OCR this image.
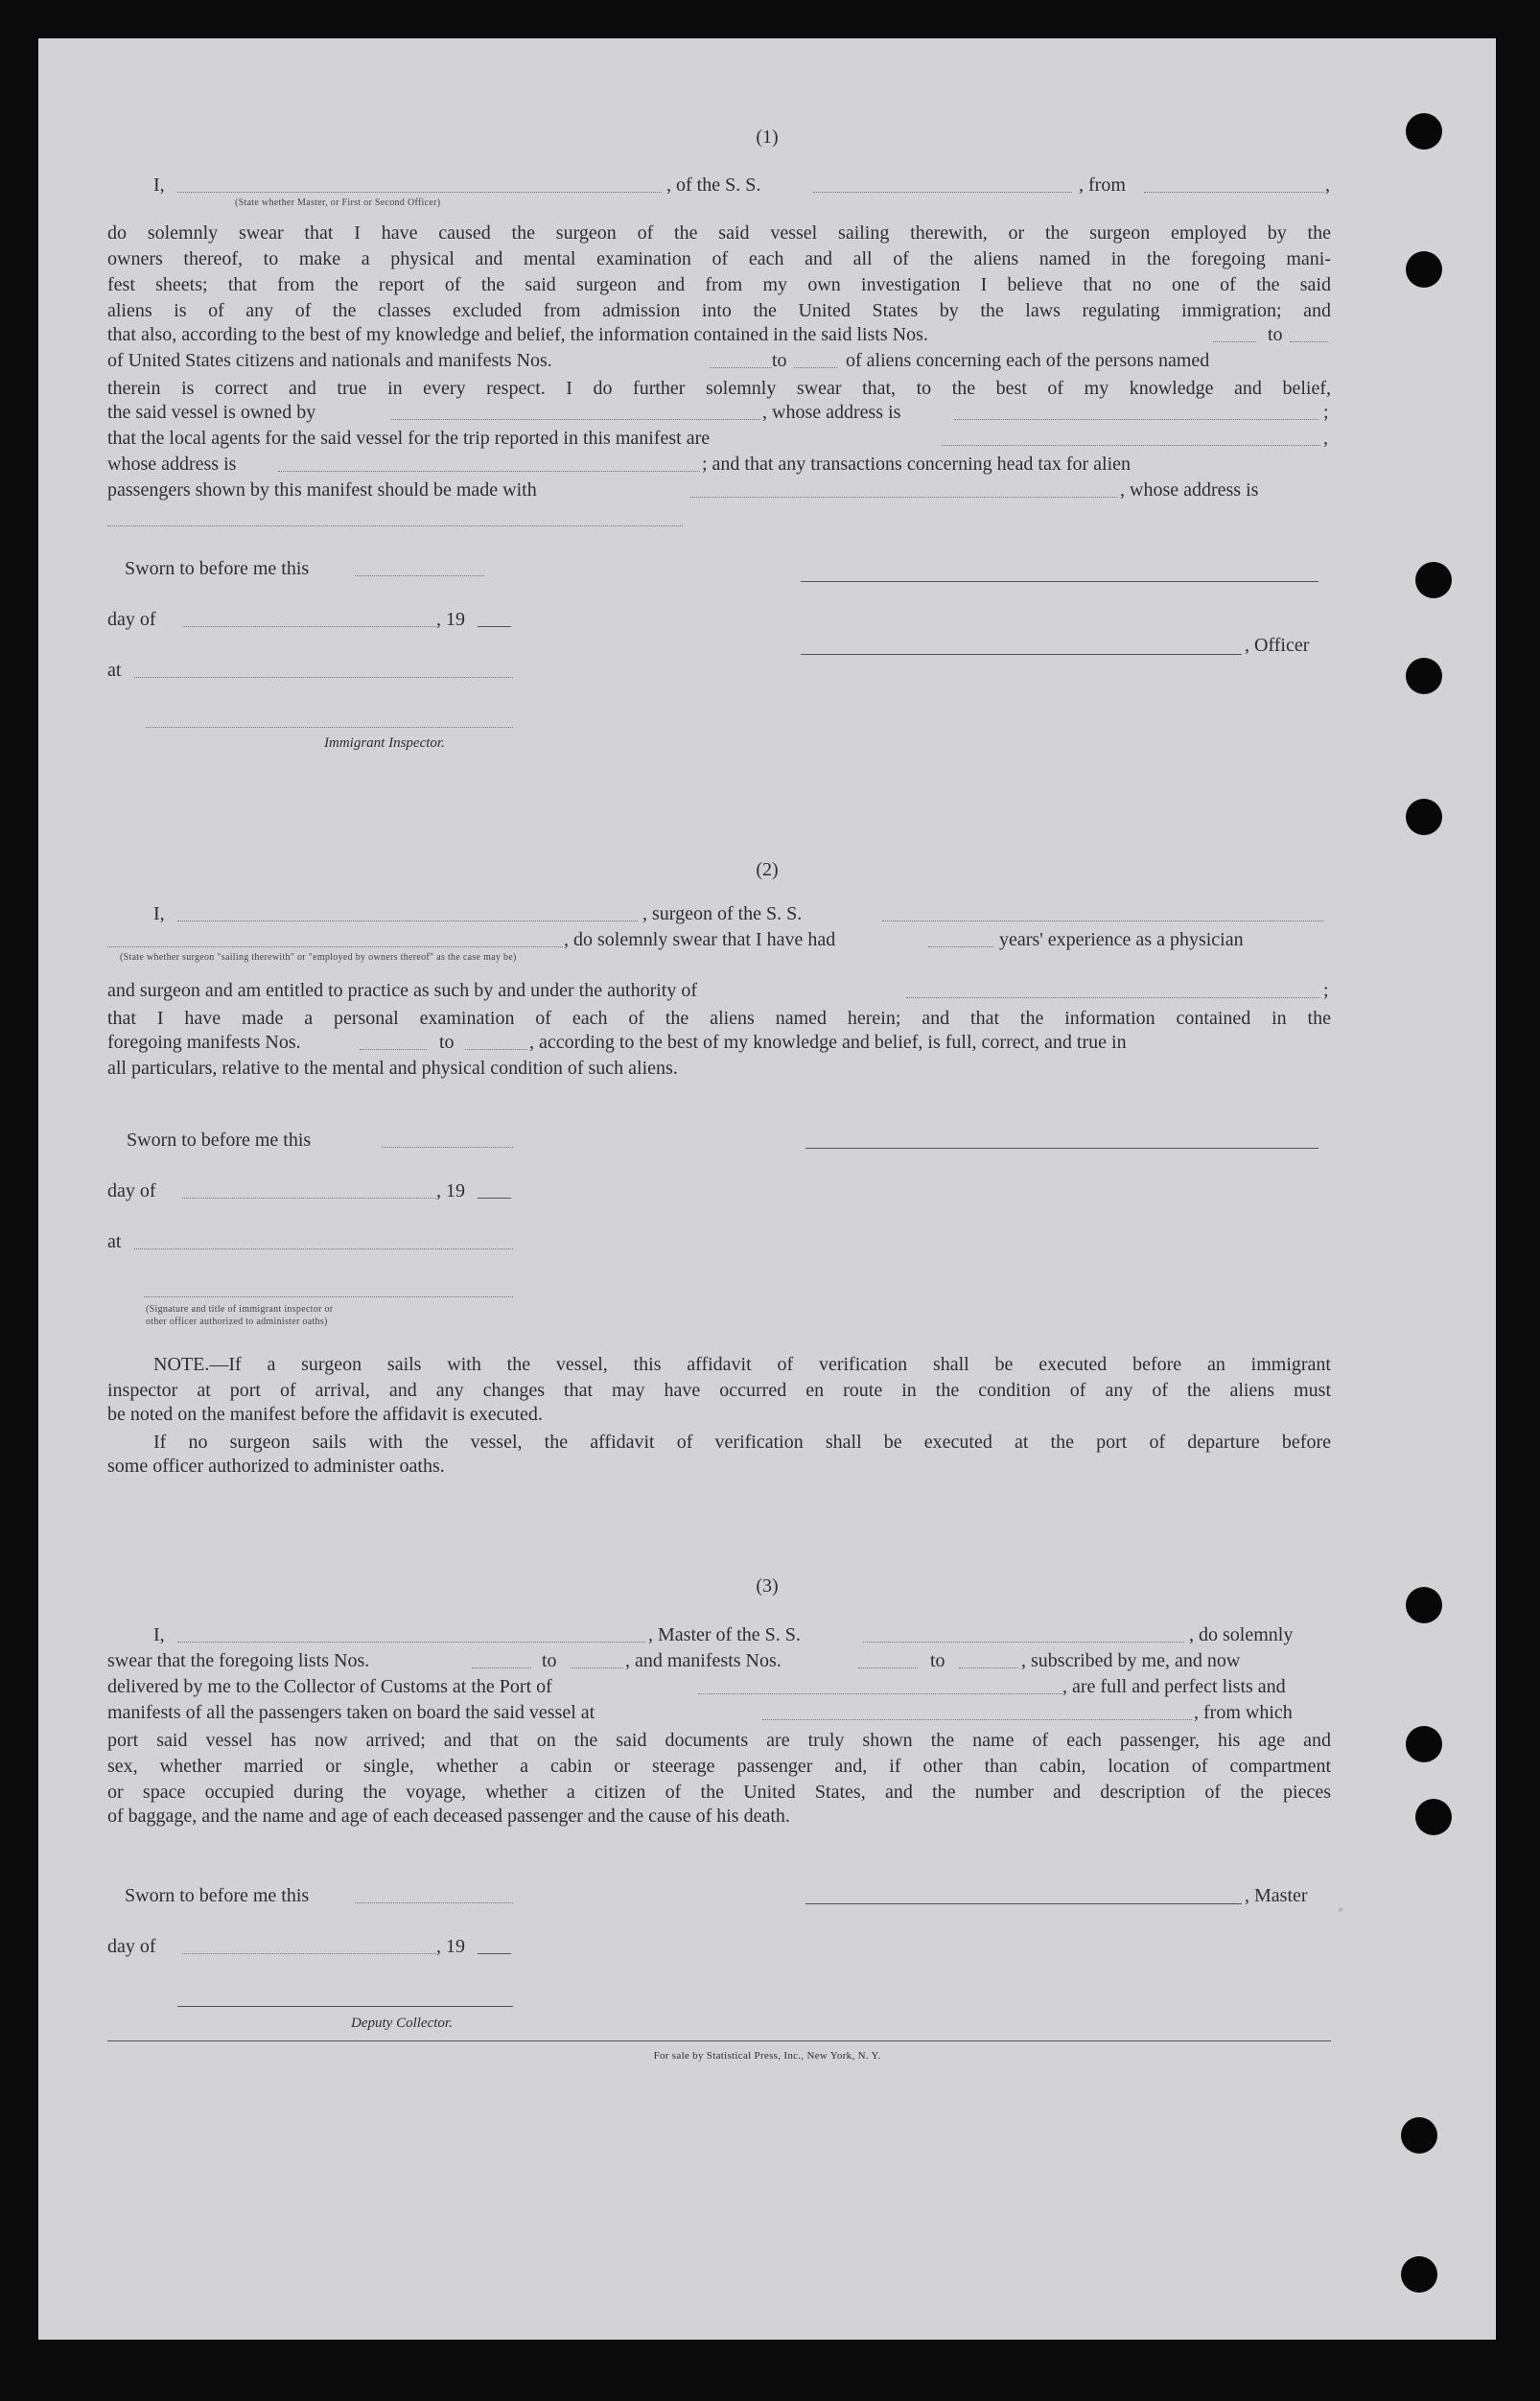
·
(1)
I,	, of the S. S.	, from	,
(State whether Master, or First or Second Officer)
do solemnly swear that I have caused the surgeon of the said vessel sailing therewith, or the surgeon employed by the
owners thereof, to make a physical and mental examination of each and all of the aliens named in the foregoing mani-
fest sheets; that from the report of the said surgeon and from my own investigation I believe that no one of the said
aliens is of any of the classes excluded from admission into the United States by the laws regulating immigration; and
that also, according to the best of my knowledge and belief, the information contained in the said lists Nos.	to
of United States citizens and nationals and manifests Nos.	to	of aliens concerning each of the persons named
therein is correct and true in every respect. I do further solemnly swear that, to the best of my knowledge and belief,
the said vessel is owned by	, whose address is	;
that the local agents for the said vessel for the trip reported in this manifest are	,
whose address is	; and that any transactions concerning head tax for alien
passengers shown by this manifest should be made with	, whose address is
Sworn to before me this
day of	, 19
, Officer
at
Immigrant Inspector.
(2)
I,	, surgeon of the S. S.
, do solemnly swear that I have had	years' experience as a physician
(State whether surgeon "sailing therewith" or "employed by owners thereof" as the case may be)
and surgeon and am entitled to practice as such by and under the authority of	;
that I have made a personal examination of each of the aliens named herein; and that the information contained in the
foregoing manifests Nos.	to	, according to the best of my knowledge and belief, is full, correct, and true in
all particulars, relative to the mental and physical condition of such aliens.
Sworn to before me this
day of	, 19
at
(Signature and title of immigrant inspector or
other officer authorized to administer oaths)
NOTE.—If a surgeon sails with the vessel, this affidavit of verification shall be executed before an immigrant
inspector at port of arrival, and any changes that may have occurred en route in the condition of any of the aliens must
be noted on the manifest before the affidavit is executed.
If no surgeon sails with the vessel, the affidavit of verification shall be executed at the port of departure before
some officer authorized to administer oaths.
(3)
I,	, Master of the S. S.	, do solemnly
swear that the foregoing lists Nos.	to	, and manifests Nos.	to	, subscribed by me, and now
delivered by me to the Collector of Customs at the Port of	, are full and perfect lists and
manifests of all the passengers taken on board the said vessel at	, from which
port said vessel has now arrived; and that on the said documents are truly shown the name of each passenger, his age and
sex, whether married or single, whether a cabin or steerage passenger and, if other than cabin, location of compartment
or space occupied during the voyage, whether a citizen of the United States, and the number and description of the pieces
of baggage, and the name and age of each deceased passenger and the cause of his death.
Sworn to before me this	, Master
day of	, 19
Deputy Collector.
For sale by Statistical Press, Inc., New York, N. Y.
